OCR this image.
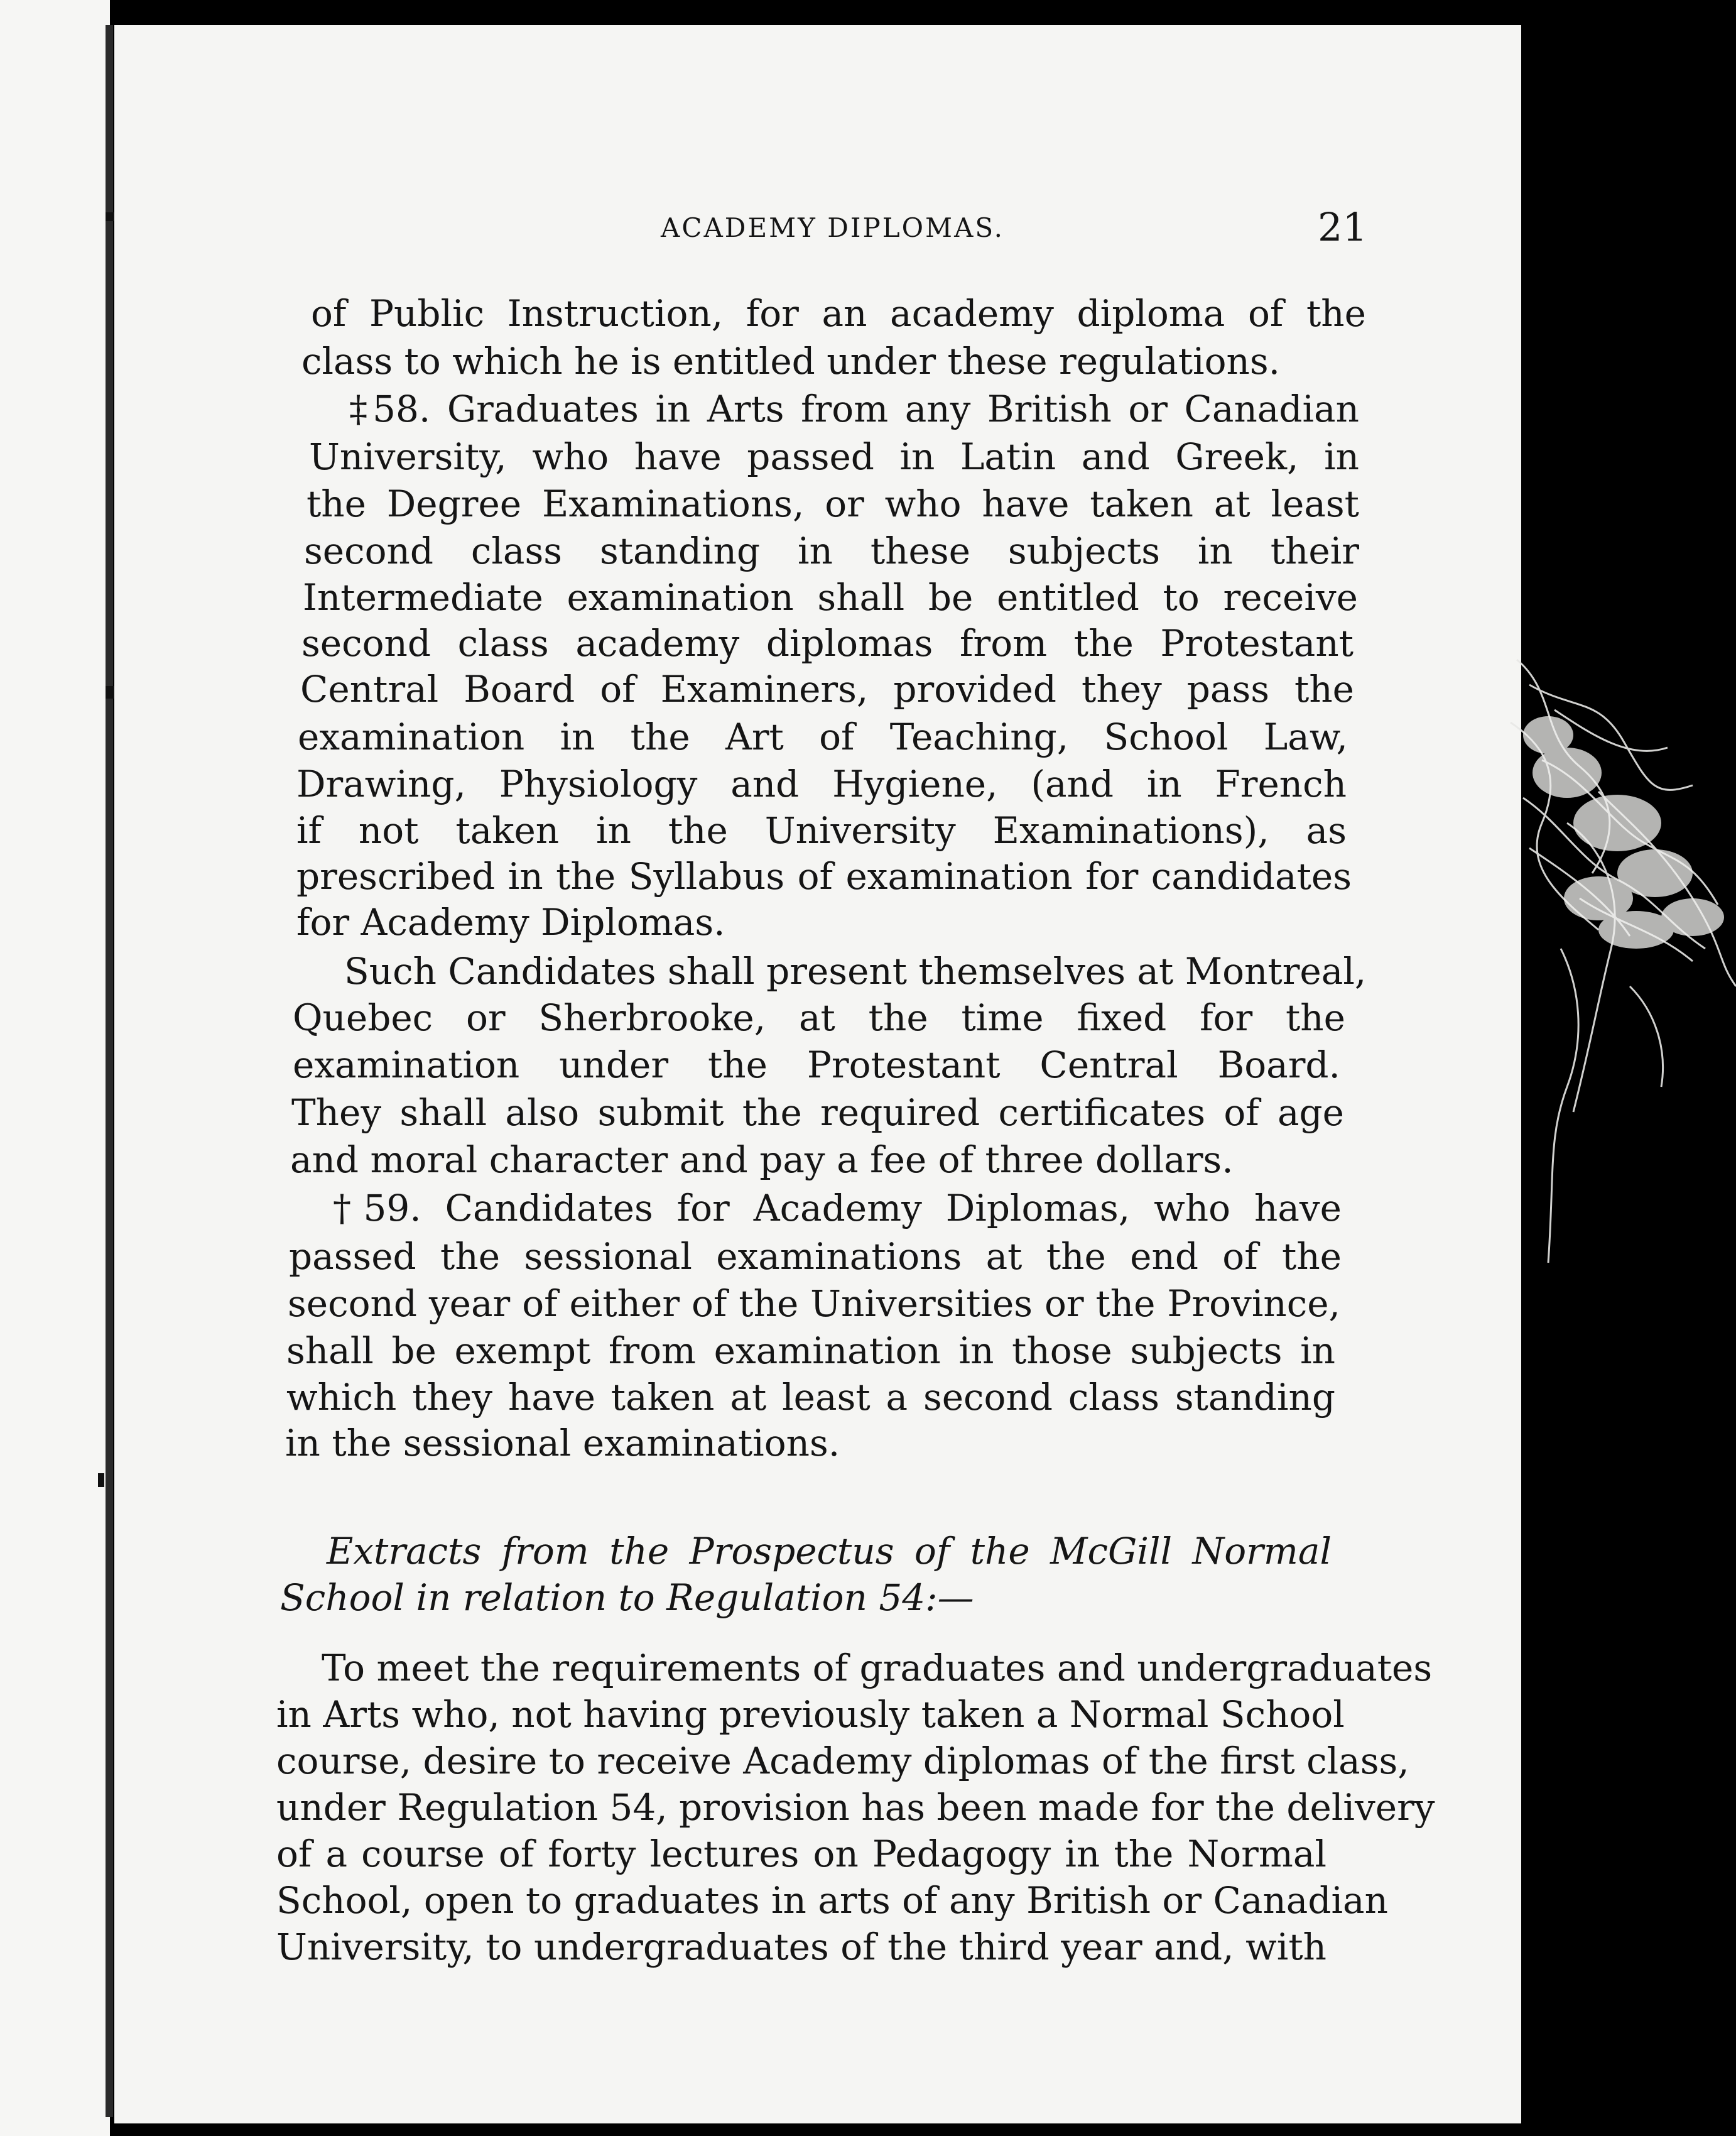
ACADEMY DIPLOMAS.	21
of Public Instruction, for an academy diploma of the
class to which he is entitled under these regulations.
‡58. Graduates in Arts from any British or Canadian
University, who have passed in Latin and Greek, in
the Degree Examinations, or who have taken at least
second class standing in these subjects in their
Intermediate examination shall be entitled to receive
second class academy diplomas from the Protestant
Central Board of Examiners, provided they pass the
examination in the Art of Teaching, School Law,
Drawing, Physiology and Hygiene, (and in French
if not taken in the University Examinations), as
prescribed in the Syllabus of examination for candidates
for Academy Diplomas.
Such Candidates shall present themselves at Montreal,
Quebec or Sherbrooke, at the time fixed for the
examination under the Protestant Central Board.
They shall also submit the required certificates of age
and moral character and pay a fee of three dollars.
†59. Candidates for Academy Diplomas, who have
passed the sessional examinations at the end of the
second year of either of the Universities or the Province,
shall be exempt from examination in those subjects in
which they have taken at least a second class standing
in the sessional examinations.
Extracts from the Prospectus of the McGill Normal
School in relation to Regulation 54:—
To meet the requirements of graduates and undergraduates
in Arts who, not having previously taken a Normal School
course, desire to receive Academy diplomas of the first class,
under Regulation 54, provision has been made for the delivery
of a course of forty lectures on Pedagogy in the Normal
School, open to graduates in arts of any British or Canadian
University, to undergraduates of the third year and, with
